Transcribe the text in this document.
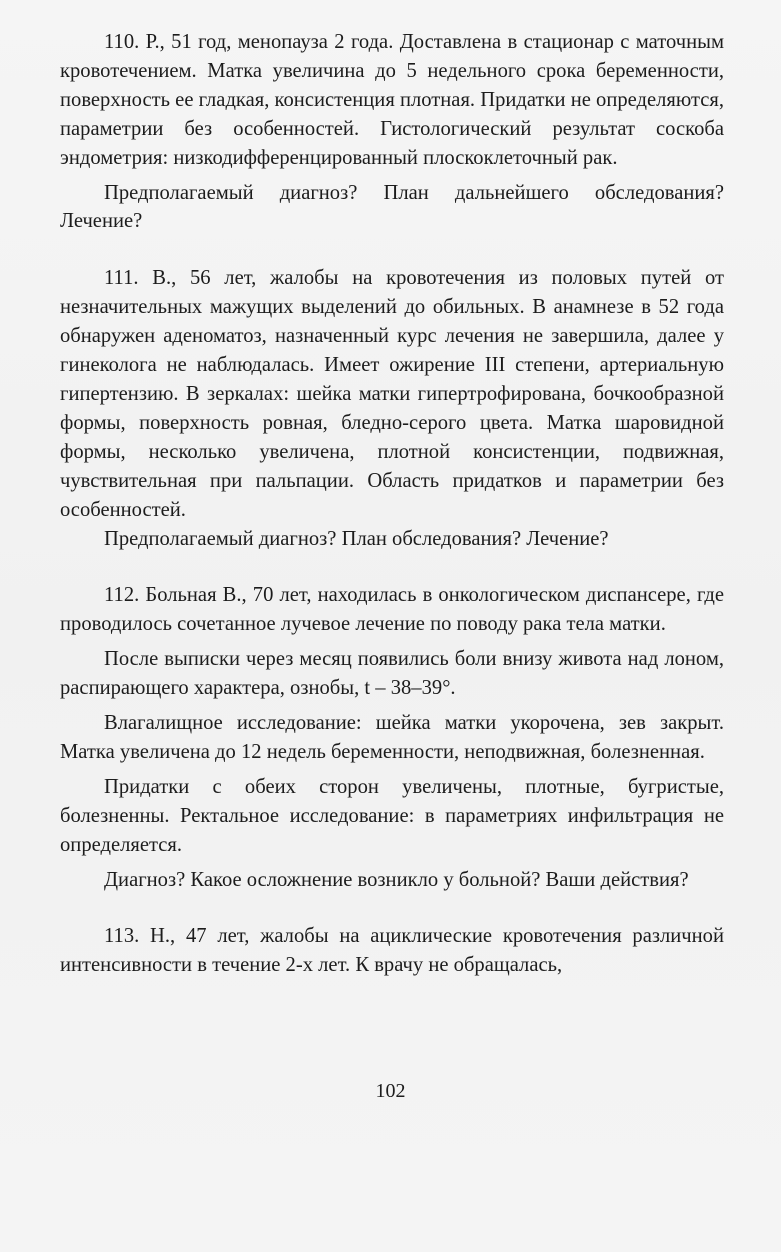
110. Р., 51 год, менопауза 2 года. Доставлена в стационар с маточным кровотечением. Матка увеличина до 5 недельного срока беременности, поверхность ее гладкая, консистенция плотная. Придатки не определяются, параметрии без особенностей. Гистологический результат соскоба эндометрия: низкодифференцированный плоскоклеточный рак.

Предполагаемый диагноз? План дальнейшего обследования? Лечение?

111. В., 56 лет, жалобы на кровотечения из половых путей от незначительных мажущих выделений до обильных. В анамнезе в 52 года обнаружен аденоматоз, назначенный курс лечения не завершила, далее у гинеколога не наблюдалась. Имеет ожирение III степени, артериальную гипертензию. В зеркалах: шейка матки гипертрофирована, бочкообразной формы, поверхность ровная, бледно-серого цвета. Матка шаровидной формы, несколько увеличена, плотной консистенции, подвижная, чувствительная при пальпации. Область придатков и параметрии без особенностей.

Предполагаемый диагноз? План обследования? Лечение?

112. Больная В., 70 лет, находилась в онкологическом диспансере, где проводилось сочетанное лучевое лечение по поводу рака тела матки.

После выписки через месяц появились боли внизу живота над лоном, распирающего характера, ознобы, t – 38–39°.

Влагалищное исследование: шейка матки укорочена, зев закрыт. Матка увеличена до 12 недель беременности, неподвижная, болезненная.

Придатки с обеих сторон увеличены, плотные, бугристые, болезненны. Ректальное исследование: в параметриях инфильтрация не определяется.

Диагноз? Какое осложнение возникло у больной? Ваши действия?

113. Н., 47 лет, жалобы на ациклические кровотечения различной интенсивности в течение 2-х лет. К врачу не обращалась,

102
